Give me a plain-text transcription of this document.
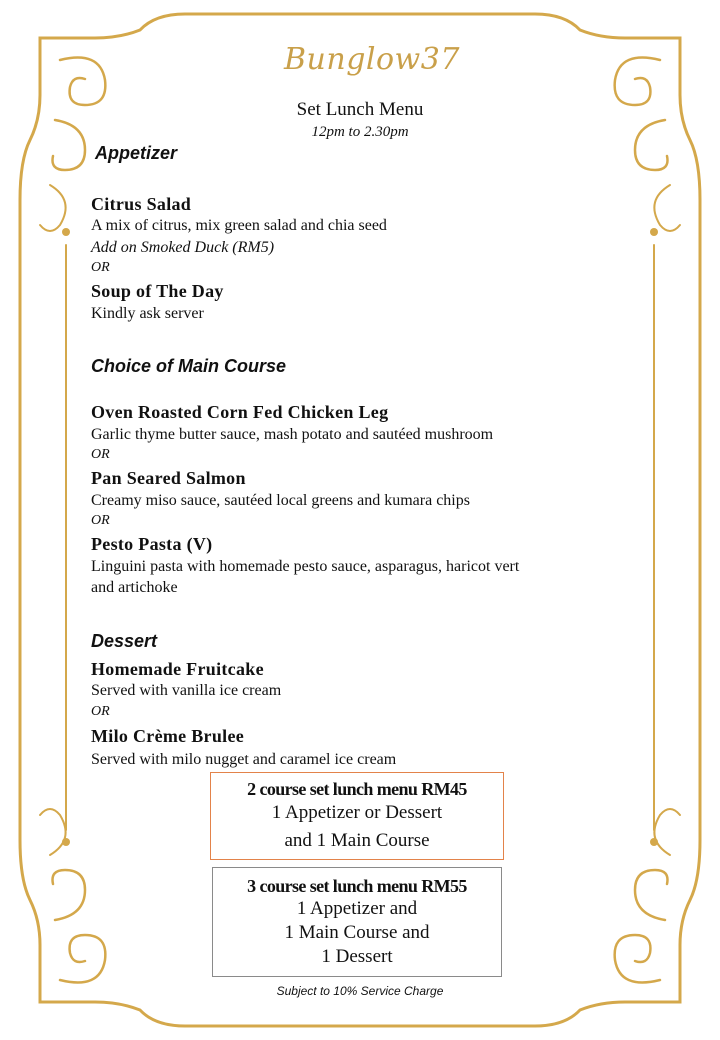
Bunglow37
Set Lunch Menu
12pm to 2.30pm
Appetizer
Citrus Salad
A mix of citrus, mix green salad and chia seed
Add on Smoked Duck (RM5)
OR
Soup of The Day
Kindly ask server
Choice of Main Course
Oven Roasted Corn Fed Chicken Leg
Garlic thyme butter sauce, mash potato and sautéed mushroom
OR
Pan Seared Salmon
Creamy miso sauce, sautéed local greens and kumara chips
OR
Pesto Pasta (V)
Linguini pasta with homemade pesto sauce, asparagus, haricot vert
and artichoke
Dessert
Homemade Fruitcake
Served with vanilla ice cream
OR
Milo Crème Brulee
Served with milo nugget and caramel ice cream
2 course set lunch menu RM45
1 Appetizer or Dessert
and 1 Main Course
3 course set lunch menu RM55
1 Appetizer and
1 Main Course and
1 Dessert
Subject to 10% Service Charge
